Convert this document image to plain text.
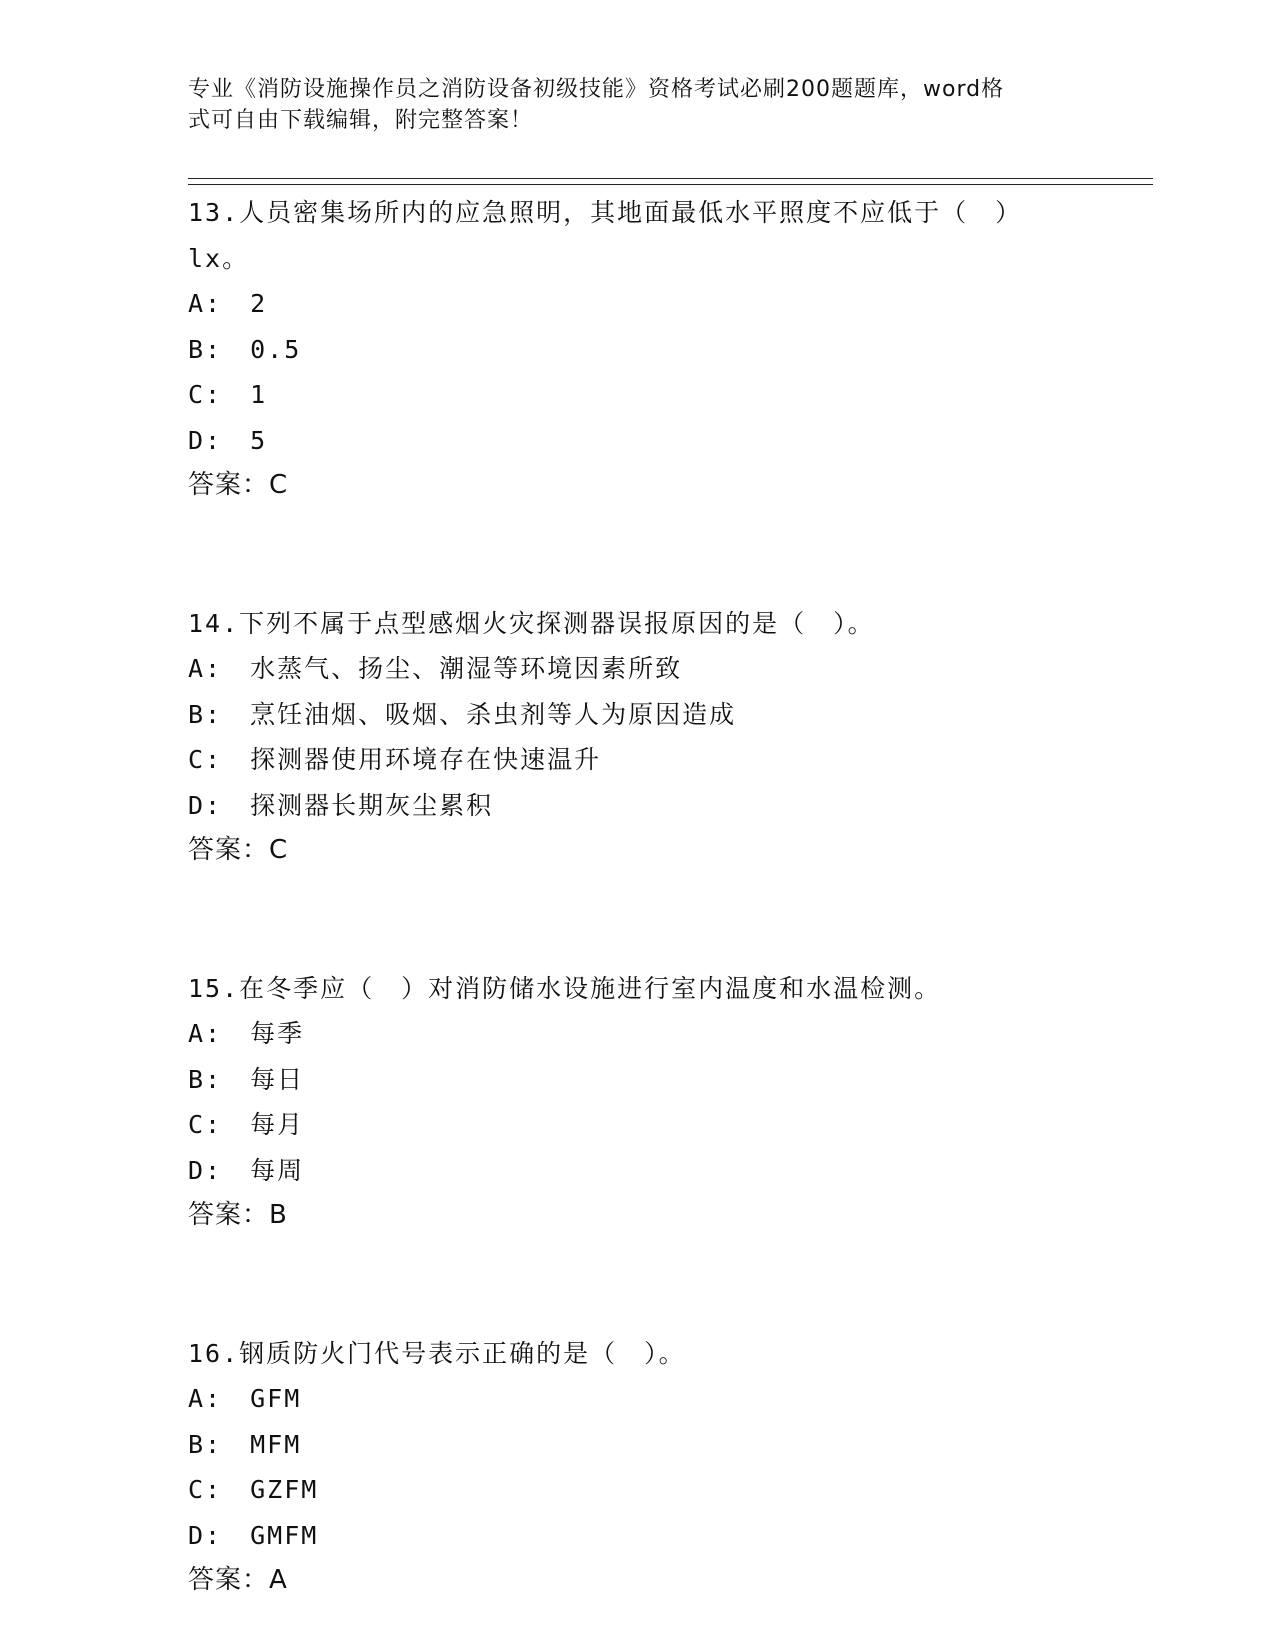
专业《消防设施操作员之消防设备初级技能》资格考试必刷200题题库，word格
式可自由下载编辑，附完整答案！
13.人员密集场所内的应急照明，其地面最低水平照度不应低于（　）
lx。
A: 2
B: 0.5
C: 1
D: 5
答案：C
14.下列不属于点型感烟火灾探测器误报原因的是（　）。
A: 水蒸气、扬尘、潮湿等环境因素所致
B: 烹饪油烟、吸烟、杀虫剂等人为原因造成
C: 探测器使用环境存在快速温升
D: 探测器长期灰尘累积
答案：C
15.在冬季应（　）对消防储水设施进行室内温度和水温检测。
A: 每季
B: 每日
C: 每月
D: 每周
答案：B
16.钢质防火门代号表示正确的是（　）。
A: GFM
B: MFM
C: GZFM
D: GMFM
答案：A
